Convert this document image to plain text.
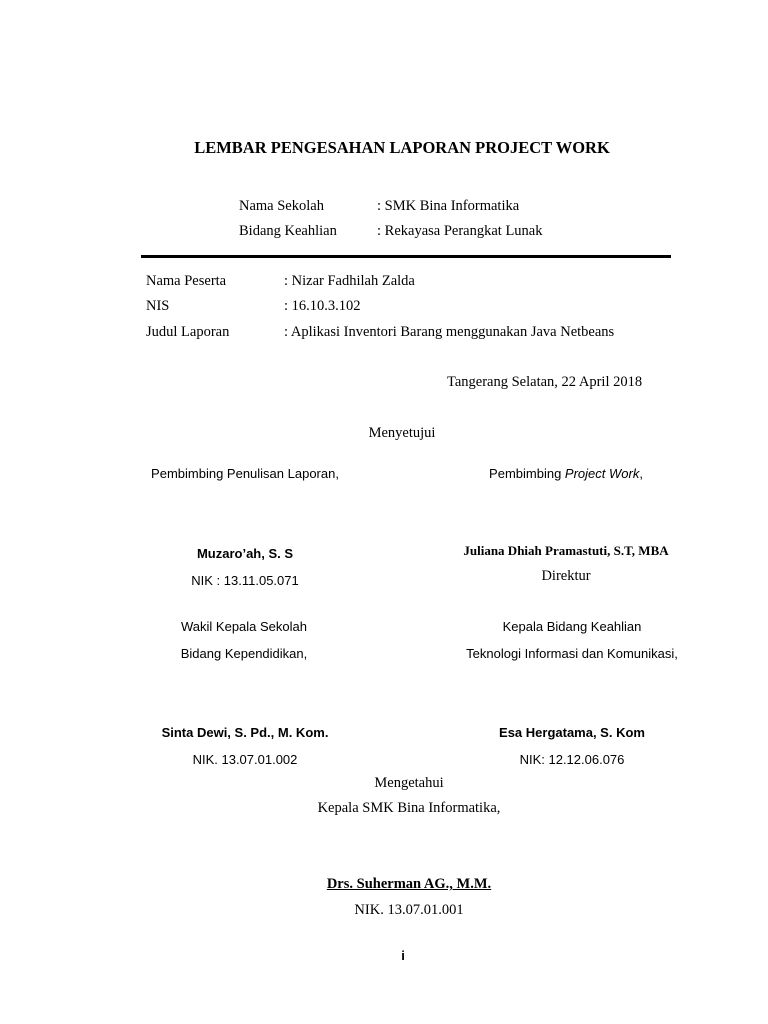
LEMBAR PENGESAHAN LAPORAN PROJECT WORK
Nama Sekolah	: SMK Bina Informatika
Bidang Keahlian	: Rekayasa Perangkat Lunak
Nama Peserta	: Nizar Fadhilah Zalda
NIS	: 16.10.3.102
Judul Laporan	: Aplikasi Inventori Barang menggunakan Java Netbeans
Tangerang Selatan, 22 April 2018
Menyetujui
Pembimbing Penulisan Laporan,	Pembimbing Project Work,
Muzaro’ah, S. S	Juliana Dhiah Pramastuti, S.T, MBA
NIK : 13.11.05.071	Direktur
Wakil Kepala Sekolah	Kepala Bidang Keahlian
Bidang Kependidikan,	Teknologi Informasi dan Komunikasi,
Sinta Dewi, S. Pd., M. Kom.	Esa Hergatama, S. Kom
NIK. 13.07.01.002	NIK: 12.12.06.076
Mengetahui
Kepala SMK Bina Informatika,
Drs. Suherman AG., M.M.
NIK. 13.07.01.001
i
